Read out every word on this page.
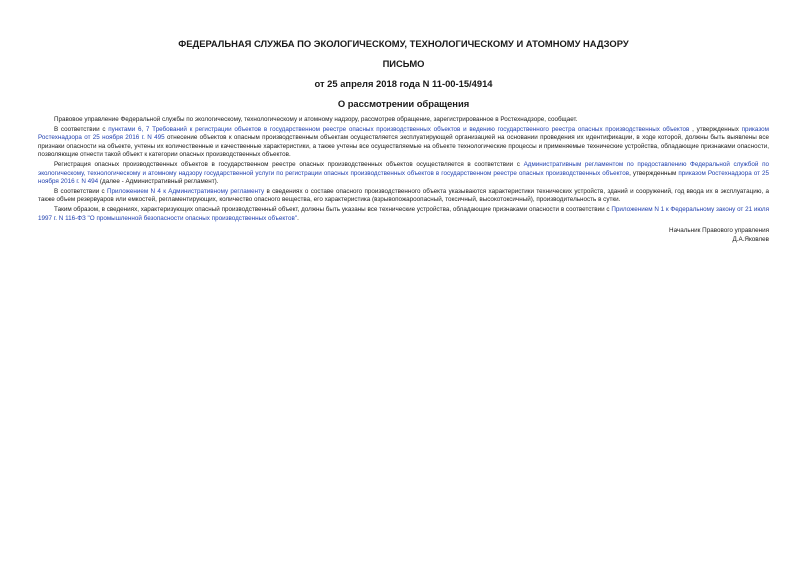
ФЕДЕРАЛЬНАЯ СЛУЖБА ПО ЭКОЛОГИЧЕСКОМУ, ТЕХНОЛОГИЧЕСКОМУ И АТОМНОМУ НАДЗОРУ
ПИСЬМО
от 25 апреля 2018 года N 11-00-15/4914
О рассмотрении обращения

Правовое управление Федеральной службы по экологическому, технологическому и атомному надзору, рассмотрев обращение, зарегистрированное в Ростехнадзоре, сообщает.

В соответствии с пунктами 6, 7 Требований к регистрации объектов в государственном реестре опасных производственных объектов и ведению государственного реестра опасных производственных объектов , утвержденных приказом Ростехнадзора от 25 ноября 2016 г. N 495 отнесение объектов к опасным производственным объектам осуществляется эксплуатирующей организацией на основании проведения их идентификации, в ходе которой, должны быть выявлены все признаки опасности на объекте, учтены их количественные и качественные характеристики, а также учтены все осуществляемые на объекте технологические процессы и применяемые технические устройства, обладающие признаками опасности, позволяющие отнести такой объект к категории опасных производственных объектов.

Регистрация опасных производственных объектов в государственном реестре опасных производственных объектов осуществляется в соответствии с Административным регламентом по предоставлению Федеральной службой по экологическому, технологическому и атомному надзору государственной услуги по регистрации опасных производственных объектов в государственном реестре опасных производственных объектов, утвержденным приказом Ростехнадзора от 25 ноября 2016 г. N 494 (далее - Административный регламент).

В соответствии с Приложением N 4 к Административному регламенту в сведениях о составе опасного производственного объекта указываются характеристики технических устройств, зданий и сооружений, год ввода их в эксплуатацию, а также объем резервуаров или емкостей, регламентирующих, количество опасного вещества, его характеристика (взрывопожароопасный, токсичный, высокотоксичный), производительность в сутки.

Таким образом, в сведениях, характеризующих опасный производственный объект, должны быть указаны все технические устройства, обладающие признаками опасности в соответствии с Приложением N 1 к Федеральному закону от 21 июля 1997 г. N 116-ФЗ "О промышленной безопасности опасных производственных объектов".

Начальник Правового управления
Д.А.Яковлев
